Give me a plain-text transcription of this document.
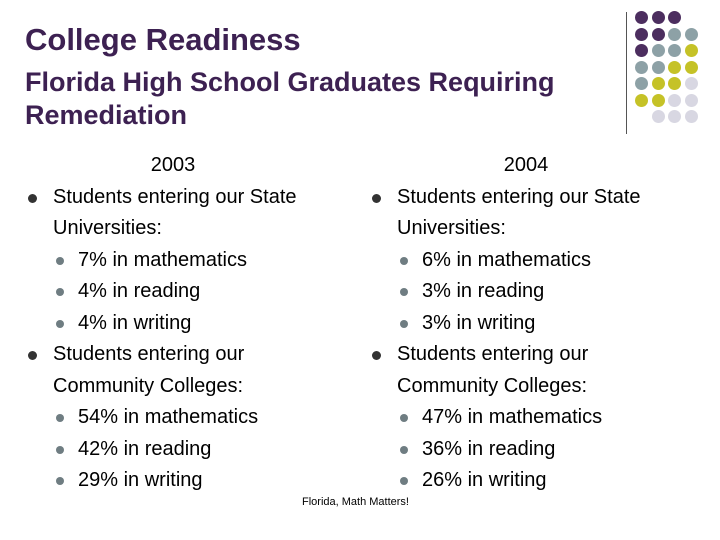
College Readiness
Florida High School Graduates Requiring Remediation
2003
Students entering our State
Universities:
7% in mathematics
4% in reading
4% in writing
Students entering our
Community Colleges:
54% in mathematics
42% in reading
29% in writing
2004
Students entering our State
Universities:
6% in mathematics
3% in reading
3% in writing
Students entering our
Community Colleges:
47% in mathematics
36% in reading
26% in writing
Florida, Math Matters!
